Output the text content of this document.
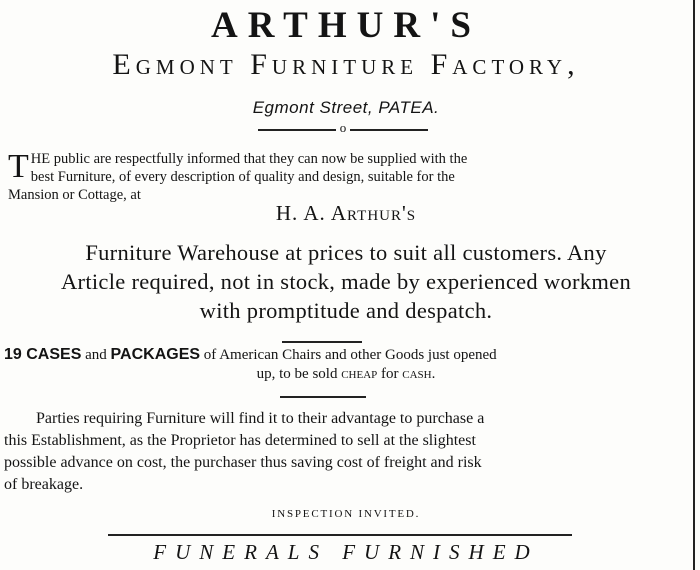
ARTHUR'S
Egmont Furniture Factory,
Egmont Street, PATEA.
o
T HE public are respectfully informed that they can now be supplied with the
best Furniture, of every description of quality and design, suitable for the
Mansion or Cottage, at
H. A. Arthur's
Furniture Warehouse at prices to suit all customers. Any
Article required, not in stock, made by experienced workmen
with promptitude and despatch.
19 CASES and PACKAGES of American Chairs and other Goods just opened
up, to be sold cheap for cash.
Parties requiring Furniture will find it to their advantage to purchase a
this Establishment, as the Proprietor has determined to sell at the slightest
possible advance on cost, the purchaser thus saving cost of freight and risk
of breakage.
INSPECTION INVITED.
FUNERALS FURNISHED
